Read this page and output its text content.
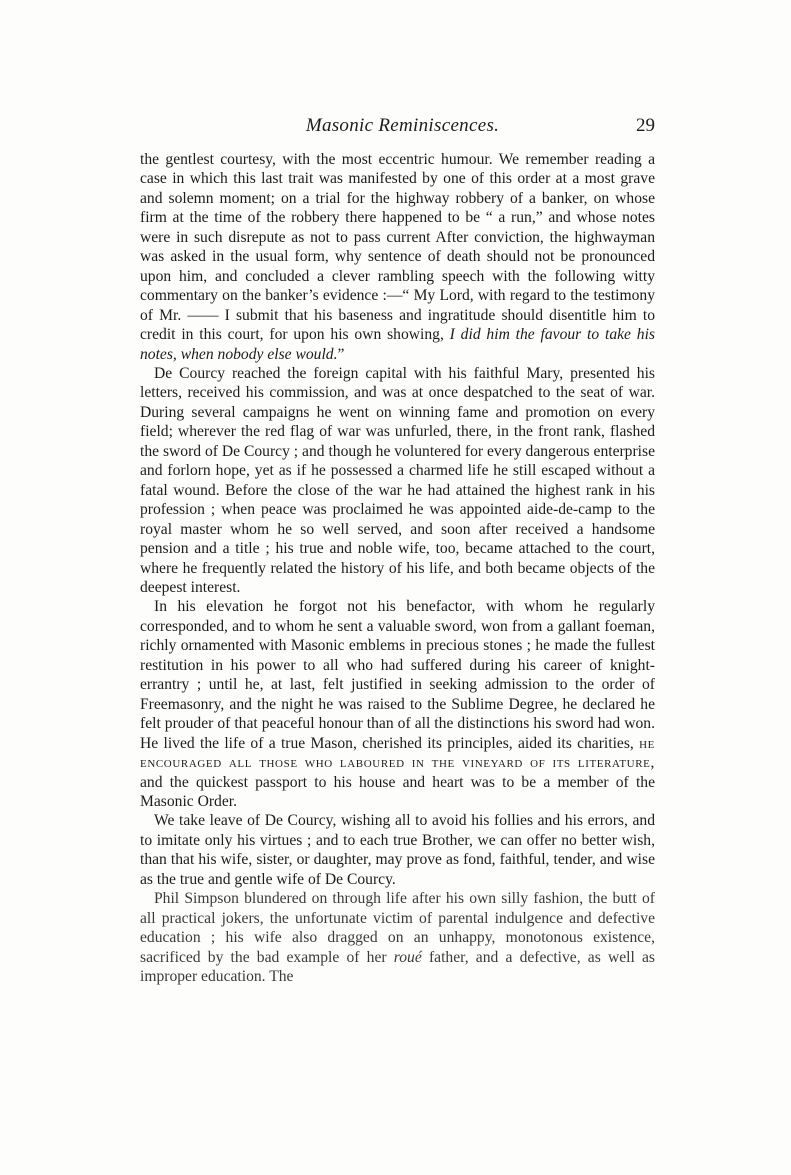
Masonic Reminiscences.	29

the gentlest courtesy, with the most eccentric humour. We remember reading a case in which this last trait was manifested by one of this order at a most grave and solemn moment; on a trial for the highway robbery of a banker, on whose firm at the time of the robbery there happened to be “ a run,” and whose notes were in such disrepute as not to pass current After conviction, the highwayman was asked in the usual form, why sentence of death should not be pronounced upon him, and concluded a clever rambling speech with the following witty commentary on the banker’s evidence :—“ My Lord, with regard to the testimony of Mr. —— I submit that his baseness and ingratitude should disentitle him to credit in this court, for upon his own showing, I did him the favour to take his notes, when nobody else would.”

De Courcy reached the foreign capital with his faithful Mary, presented his letters, received his commission, and was at once despatched to the seat of war. During several campaigns he went on winning fame and promotion on every field; wherever the red flag of war was unfurled, there, in the front rank, flashed the sword of De Courcy ; and though he voluntered for every dangerous enterprise and forlorn hope, yet as if he possessed a charmed life he still escaped without a fatal wound. Before the close of the war he had attained the highest rank in his profession ; when peace was proclaimed he was appointed aide-de-camp to the royal master whom he so well served, and soon after received a handsome pension and a title ; his true and noble wife, too, became attached to the court, where he frequently related the history of his life, and both became objects of the deepest interest.

In his elevation he forgot not his benefactor, with whom he regularly corresponded, and to whom he sent a valuable sword, won from a gallant foeman, richly ornamented with Masonic emblems in precious stones ; he made the fullest restitution in his power to all who had suffered during his career of knight-errantry ; until he, at last, felt justified in seeking admission to the order of Freemasonry, and the night he was raised to the Sublime Degree, he declared he felt prouder of that peaceful honour than of all the distinctions his sword had won. He lived the life of a true Mason, cherished its principles, aided its charities, he encouraged all those who laboured in the vineyard of its literature, and the quickest passport to his house and heart was to be a member of the Masonic Order.

We take leave of De Courcy, wishing all to avoid his follies and his errors, and to imitate only his virtues ; and to each true Brother, we can offer no better wish, than that his wife, sister, or daughter, may prove as fond, faithful, tender, and wise as the true and gentle wife of De Courcy.

Phil Simpson blundered on through life after his own silly fashion, the butt of all practical jokers, the unfortunate victim of parental indulgence and defective education ; his wife also dragged on an unhappy, monotonous existence, sacrificed by the bad example of her roué father, and a defective, as well as improper education. The
